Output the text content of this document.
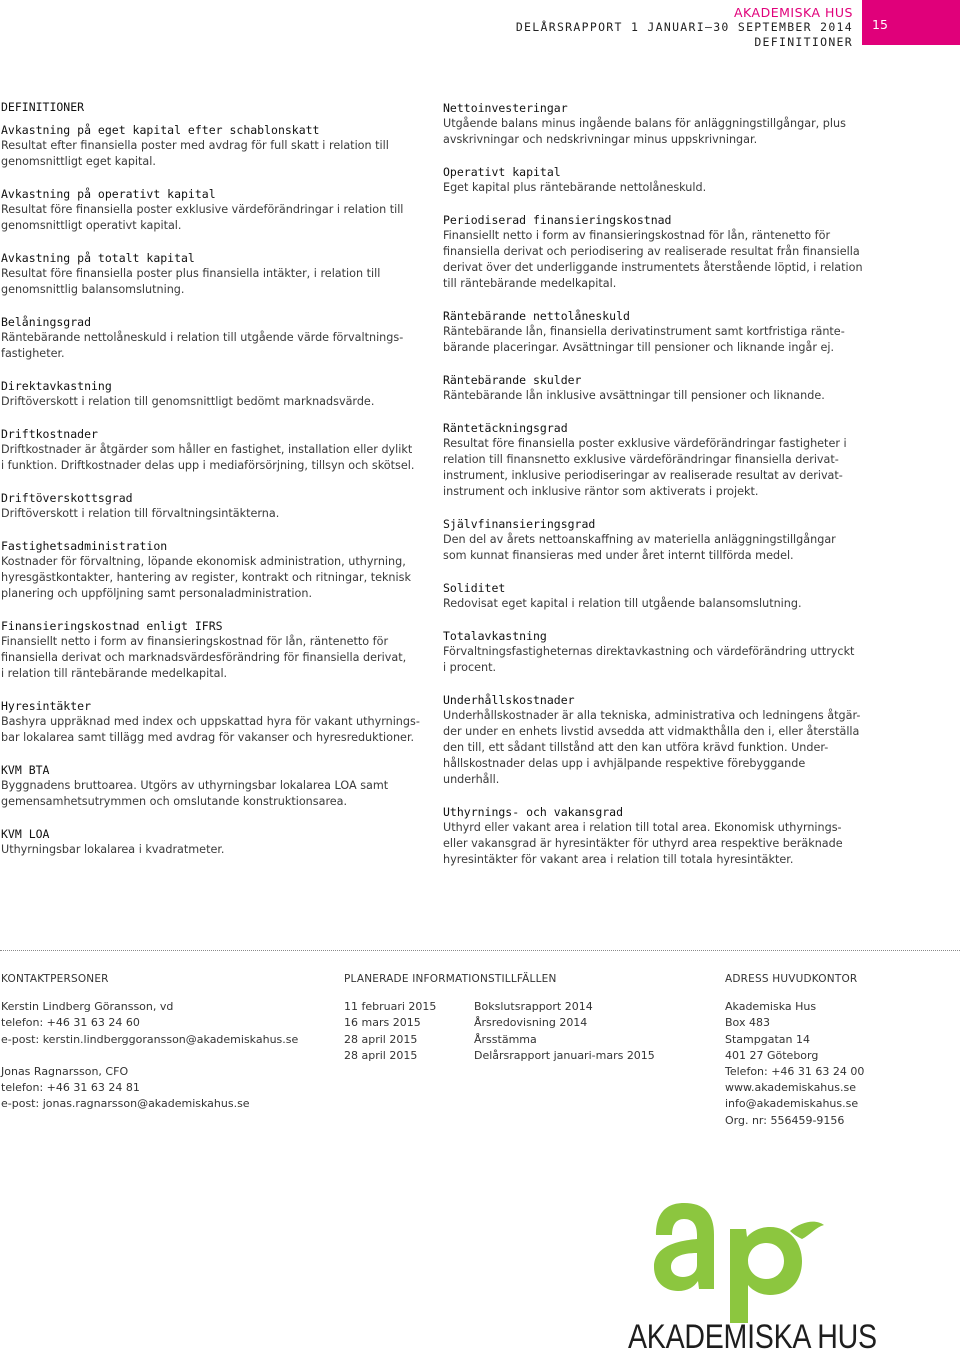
AKADEMISKA HUS
DELÅRSRAPPORT 1 JANUARI–30 SEPTEMBER 2014
DEFINITIONER
15
DEFINITIONER
Avkastning på eget kapital efter schablonskatt
Resultat efter finansiella poster med avdrag för full skatt i relation till
genomsnittligt eget kapital.
Avkastning på operativt kapital
Resultat före finansiella poster exklusive värdeförändringar i relation till
genomsnittligt operativt kapital.
Avkastning på totalt kapital
Resultat före finansiella poster plus finansiella intäkter, i relation till
genomsnittlig balansomslutning.
Belåningsgrad
Räntebärande nettolåneskuld i relation till utgående värde förvaltnings-
fastigheter.
Direktavkastning
Driftöverskott i relation till genomsnittligt bedömt marknadsvärde.
Driftkostnader
Driftkostnader är åtgärder som håller en fastighet, installation eller dylikt
i funktion. Driftkostnader delas upp i mediaförsörjning, tillsyn och skötsel.
Driftöverskottsgrad
Driftöverskott i relation till förvaltningsintäkterna.
Fastighetsadministration
Kostnader för förvaltning, löpande ekonomisk administration, uthyrning,
hyresgästkontakter, hantering av register, kontrakt och ritningar, teknisk
planering och uppföljning samt personaladministration.
Finansieringskostnad enligt IFRS
Finansiellt netto i form av finansieringskostnad för lån, räntenetto för
finansiella derivat och marknadsvärdesförändring för finansiella derivat,
i relation till räntebärande medelkapital.
Hyresintäkter
Bashyra uppräknad med index och uppskattad hyra för vakant uthyrnings-
bar lokalarea samt tillägg med avdrag för vakanser och hyresreduktioner.
KVM BTA
Byggnadens bruttoarea. Utgörs av uthyrningsbar lokalarea LOA samt
gemensamhetsutrymmen och omslutande konstruktionsarea.
KVM LOA
Uthyrningsbar lokalarea i kvadratmeter.
Nettoinvesteringar
Utgående balans minus ingående balans för anläggningstillgångar, plus
avskrivningar och nedskrivningar minus uppskrivningar.
Operativt kapital
Eget kapital plus räntebärande nettolåneskuld.
Periodiserad finansieringskostnad
Finansiellt netto i form av finansieringskostnad för lån, räntenetto för
finansiella derivat och periodisering av realiserade resultat från finansiella
derivat över det underliggande instrumentets återstående löptid, i relation
till räntebärande medelkapital.
Räntebärande nettolåneskuld
Räntebärande lån, finansiella derivatinstrument samt kortfristiga ränte-
bärande placeringar. Avsättningar till pensioner och liknande ingår ej.
Räntebärande skulder
Räntebärande lån inklusive avsättningar till pensioner och liknande.
Räntetäckningsgrad
Resultat före finansiella poster exklusive värdeförändringar fastigheter i
relation till finansnetto exklusive värdeförändringar finansiella derivat-
instrument, inklusive periodiseringar av realiserade resultat av derivat-
instrument och inklusive räntor som aktiverats i projekt.
Självfinansieringsgrad
Den del av årets nettoanskaffning av materiella anläggningstillgångar
som kunnat finansieras med under året internt tillförda medel.
Soliditet
Redovisat eget kapital i relation till utgående balansomslutning.
Totalavkastning
Förvaltningsfastigheternas direktavkastning och värdeförändring uttryckt
i procent.
Underhållskostnader
Underhållskostnader är alla tekniska, administrativa och ledningens åtgär-
der under en enhets livstid avsedda att vidmakthålla den i, eller återställa
den till, ett sådant tillstånd att den kan utföra krävd funktion. Under-
hållskostnader delas upp i avhjälpande respektive förebyggande underhåll.
Uthyrnings- och vakansgrad
Uthyrd eller vakant area i relation till total area. Ekonomisk uthyrnings-
eller vakansgrad är hyresintäkter för uthyrd area respektive beräknade
hyresintäkter för vakant area i relation till totala hyresintäkter.
KONTAKTPERSONER
Kerstin Lindberg Göransson, vd
telefon: +46 31 63 24 60
e-post: kerstin.lindberggoransson@akademiskahus.se
Jonas Ragnarsson, CFO
telefon: +46 31 63 24 81
e-post: jonas.ragnarsson@akademiskahus.se
PLANERADE INFORMATIONSTILLFÄLLEN
11 februari 2015	Bokslutsrapport 2014
16 mars 2015	Årsredovisning 2014
28 april 2015	Årsstämma
28 april 2015	Delårsrapport januari-mars 2015
ADRESS HUVUDKONTOR
Akademiska Hus
Box 483
Stampgatan 14
401 27 Göteborg
Telefon: +46 31 63 24 00
www.akademiskahus.se
info@akademiskahus.se
Org. nr: 556459-9156
AKADEMISKA HUS
